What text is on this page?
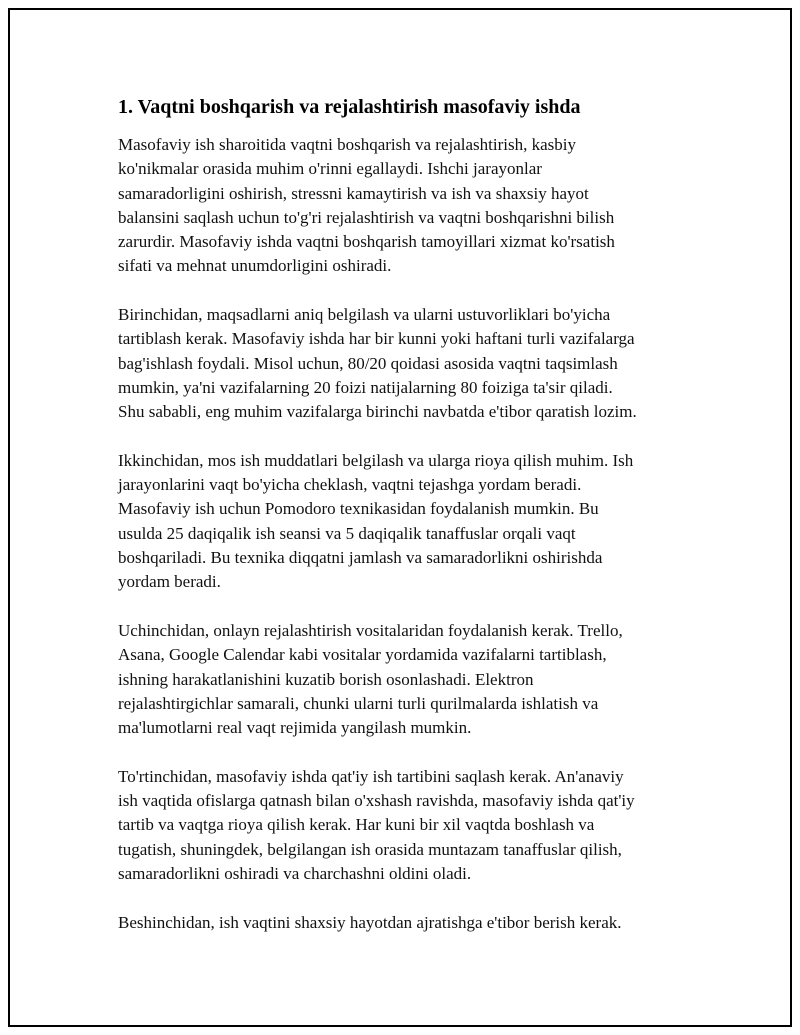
1. Vaqtni boshqarish va rejalashtirish masofaviy ishda
Masofaviy ish sharoitida vaqtni boshqarish va rejalashtirish, kasbiy
ko'nikmalar orasida muhim o'rinni egallaydi. Ishchi jarayonlar
samaradorligini oshirish, stressni kamaytirish va ish va shaxsiy hayot
balansini saqlash uchun to'g'ri rejalashtirish va vaqtni boshqarishni bilish
zarurdir. Masofaviy ishda vaqtni boshqarish tamoyillari xizmat ko'rsatish
sifati va mehnat unumdorligini oshiradi.
Birinchidan, maqsadlarni aniq belgilash va ularni ustuvorliklari bo'yicha
tartiblash kerak. Masofaviy ishda har bir kunni yoki haftani turli vazifalarga
bag'ishlash foydali. Misol uchun, 80/20 qoidasi asosida vaqtni taqsimlash
mumkin, ya'ni vazifalarning 20 foizi natijalarning 80 foiziga ta'sir qiladi.
Shu sababli, eng muhim vazifalarga birinchi navbatda e'tibor qaratish lozim.
Ikkinchidan, mos ish muddatlari belgilash va ularga rioya qilish muhim. Ish
jarayonlarini vaqt bo'yicha cheklash, vaqtni tejashga yordam beradi.
Masofaviy ish uchun Pomodoro texnikasidan foydalanish mumkin. Bu
usulda 25 daqiqalik ish seansi va 5 daqiqalik tanaffuslar orqali vaqt
boshqariladi. Bu texnika diqqatni jamlash va samaradorlikni oshirishda
yordam beradi.
Uchinchidan, onlayn rejalashtirish vositalaridan foydalanish kerak. Trello,
Asana, Google Calendar kabi vositalar yordamida vazifalarni tartiblash,
ishning harakatlanishini kuzatib borish osonlashadi. Elektron
rejalashtirgichlar samarali, chunki ularni turli qurilmalarda ishlatish va
ma'lumotlarni real vaqt rejimida yangilash mumkin.
To'rtinchidan, masofaviy ishda qat'iy ish tartibini saqlash kerak. An'anaviy
ish vaqtida ofislarga qatnash bilan o'xshash ravishda, masofaviy ishda qat'iy
tartib va vaqtga rioya qilish kerak. Har kuni bir xil vaqtda boshlash va
tugatish, shuningdek, belgilangan ish orasida muntazam tanaffuslar qilish,
samaradorlikni oshiradi va charchashni oldini oladi.
Beshinchidan, ish vaqtini shaxsiy hayotdan ajratishga e'tibor berish kerak.
